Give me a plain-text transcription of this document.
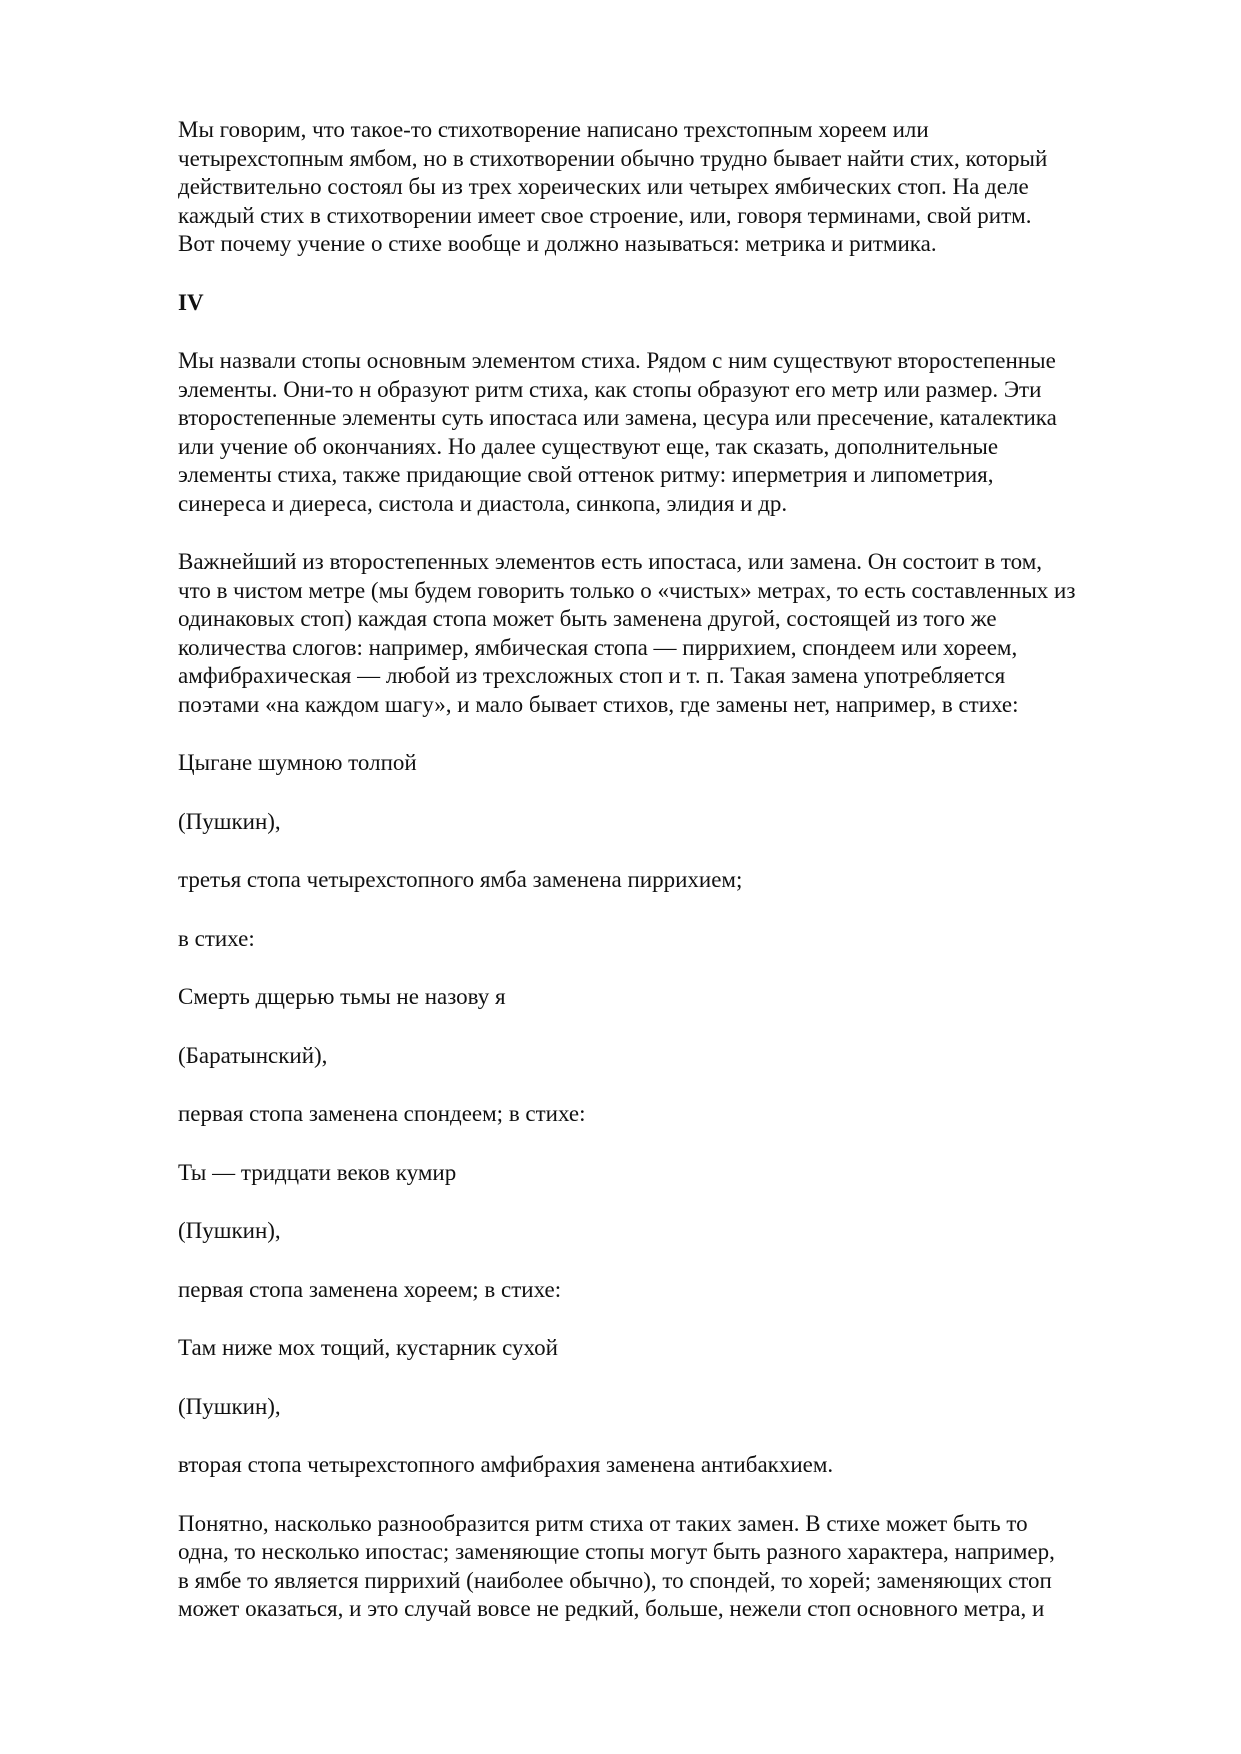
Мы говорим, что такое-то стихотворение написано трехстопным хореем или
четырехстопным ямбом, но в стихотворении обычно трудно бывает найти стих, который
действительно состоял бы из трех хореических или четырех ямбических стоп. На деле
каждый стих в стихотворении имеет свое строение, или, говоря терминами, свой ритм.
Вот почему учение о стихе вообще и должно называться: метрика и ритмика.

IV

Мы назвали стопы основным элементом стиха. Рядом с ним существуют второстепенные
элементы. Они-то н образуют ритм стиха, как стопы образуют его метр или размер. Эти
второстепенные элементы суть ипостаса или замена, цесура или пресечение, каталектика
или учение об окончаниях. Но далее существуют еще, так сказать, дополнительные
элементы стиха, также придающие свой оттенок ритму: иперметрия и липометрия,
синереса и диереса, систола и диастола, синкопа, элидия и др.

Важнейший из второстепенных элементов есть ипостаса, или замена. Он состоит в том,
что в чистом метре (мы будем говорить только о «чистых» метрах, то есть составленных из
одинаковых стоп) каждая стопа может быть заменена другой, состоящей из того же
количества слогов: например, ямбическая стопа — пиррихием, спондеем или хореем,
амфибрахическая — любой из трехсложных стоп и т. п. Такая замена употребляется
поэтами «на каждом шагу», и мало бывает стихов, где замены нет, например, в стихе:

Цыгане шумною толпой

(Пушкин),

третья стопа четырехстопного ямба заменена пиррихием;

в стихе:

Смерть дщерью тьмы не назову я

(Баратынский),

первая стопа заменена спондеем; в стихе:

Ты — тридцати веков кумир

(Пушкин),

первая стопа заменена хореем; в стихе:

Там ниже мох тощий, кустарник сухой

(Пушкин),

вторая стопа четырехстопного амфибрахия заменена антибакхием.

Понятно, насколько разнообразится ритм стиха от таких замен. В стихе может быть то
одна, то несколько ипостас; заменяющие стопы могут быть разного характера, например,
в ямбе то является пиррихий (наиболее обычно), то спондей, то хорей; заменяющих стоп
может оказаться, и это случай вовсе не редкий, больше, нежели стоп основного метра, и
